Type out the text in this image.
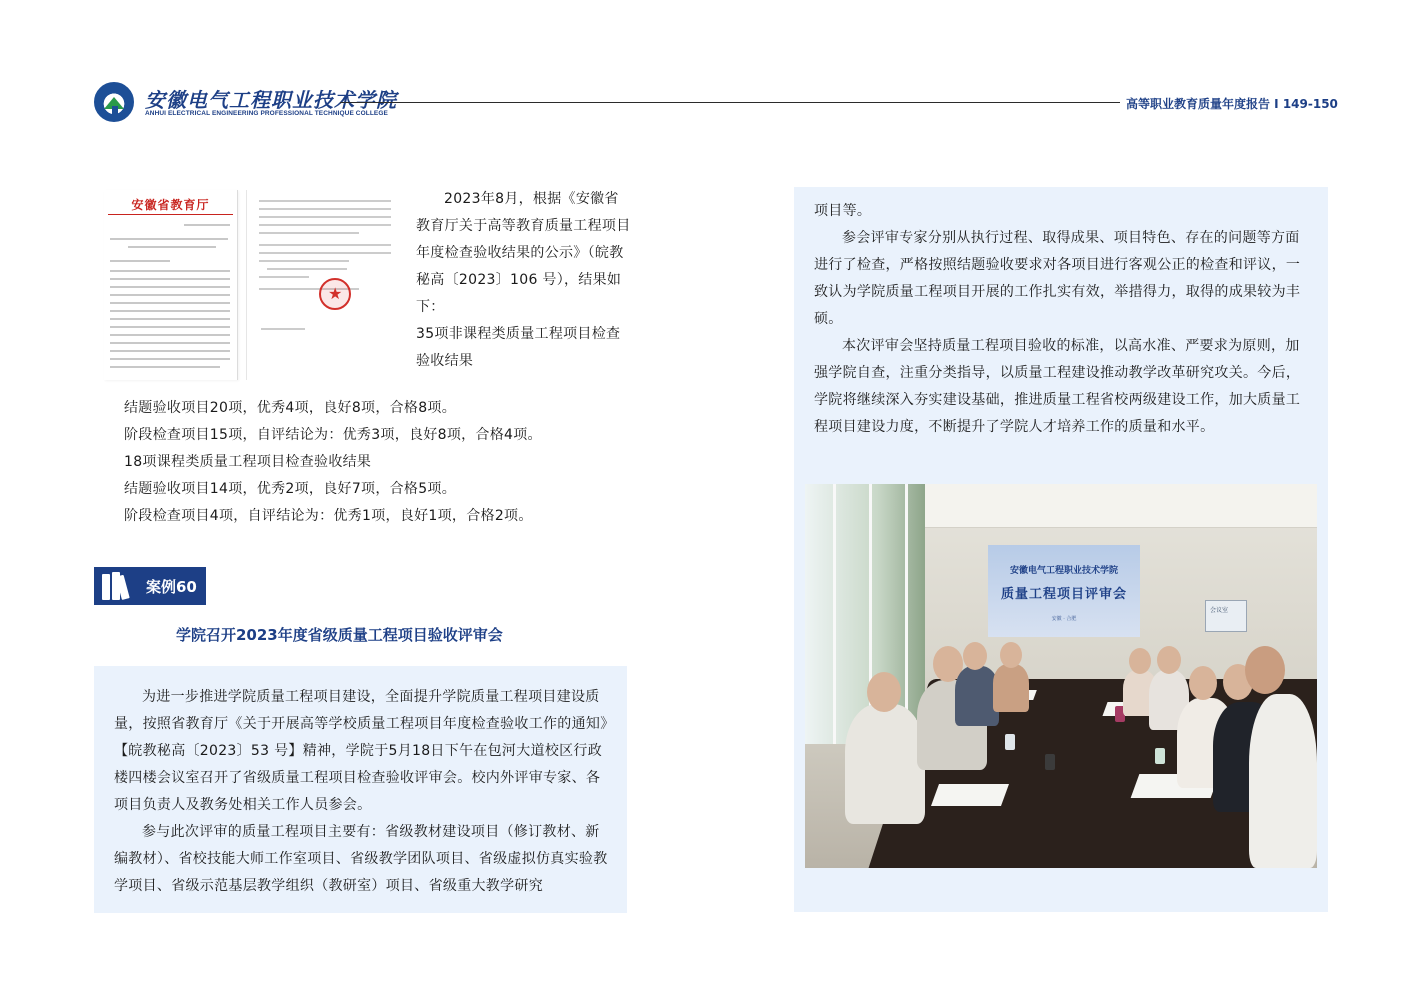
安徽电气工程职业技术学院
ANHUI ELECTRICAL ENGINEERING PROFESSIONAL TECHNIQUE COLLEGE
高等职业教育质量年度报告 I 149-150
安徽省教育厅
★
2023年8月，根据《安徽省教育厅关于高等教育质量工程项目年度检查验收结果的公示》（皖教秘高〔2023〕106 号），结果如下：
35项非课程类质量工程项目检查验收结果
结题验收项目20项，优秀4项，良好8项，合格8项。
阶段检查项目15项，自评结论为：优秀3项，良好8项，合格4项。
18项课程类质量工程项目检查验收结果
结题验收项目14项，优秀2项，良好7项，合格5项。
阶段检查项目4项，自评结论为：优秀1项，良好1项，合格2项。
案例60
学院召开2023年度省级质量工程项目验收评审会
为进一步推进学院质量工程项目建设，全面提升学院质量工程项目建设质量，按照省教育厅《关于开展高等学校质量工程项目年度检查验收工作的通知》【皖教秘高〔2023〕53 号】精神，学院于5月18日下午在包河大道校区行政楼四楼会议室召开了省级质量工程项目检查验收评审会。校内外评审专家、各项目负责人及教务处相关工作人员参会。
参与此次评审的质量工程项目主要有：省级教材建设项目（修订教材、新编教材）、省校技能大师工作室项目、省级教学团队项目、省级虚拟仿真实验教学项目、省级示范基层教学组织（教研室）项目、省级重大教学研究
项目等。
参会评审专家分别从执行过程、取得成果、项目特色、存在的问题等方面进行了检查，严格按照结题验收要求对各项目进行客观公正的检查和评议，一致认为学院质量工程项目开展的工作扎实有效，举措得力，取得的成果较为丰硕。
本次评审会坚持质量工程项目验收的标准，以高水准、严要求为原则，加强学院自查，注重分类指导，以质量工程建设推动教学改革研究攻关。今后，学院将继续深入夯实建设基础，推进质量工程省校两级建设工作，加大质量工程项目建设力度，不断提升了学院人才培养工作的质量和水平。
安徽电气工程职业技术学院
质量工程项目评审会
安徽 · 合肥
会议室
